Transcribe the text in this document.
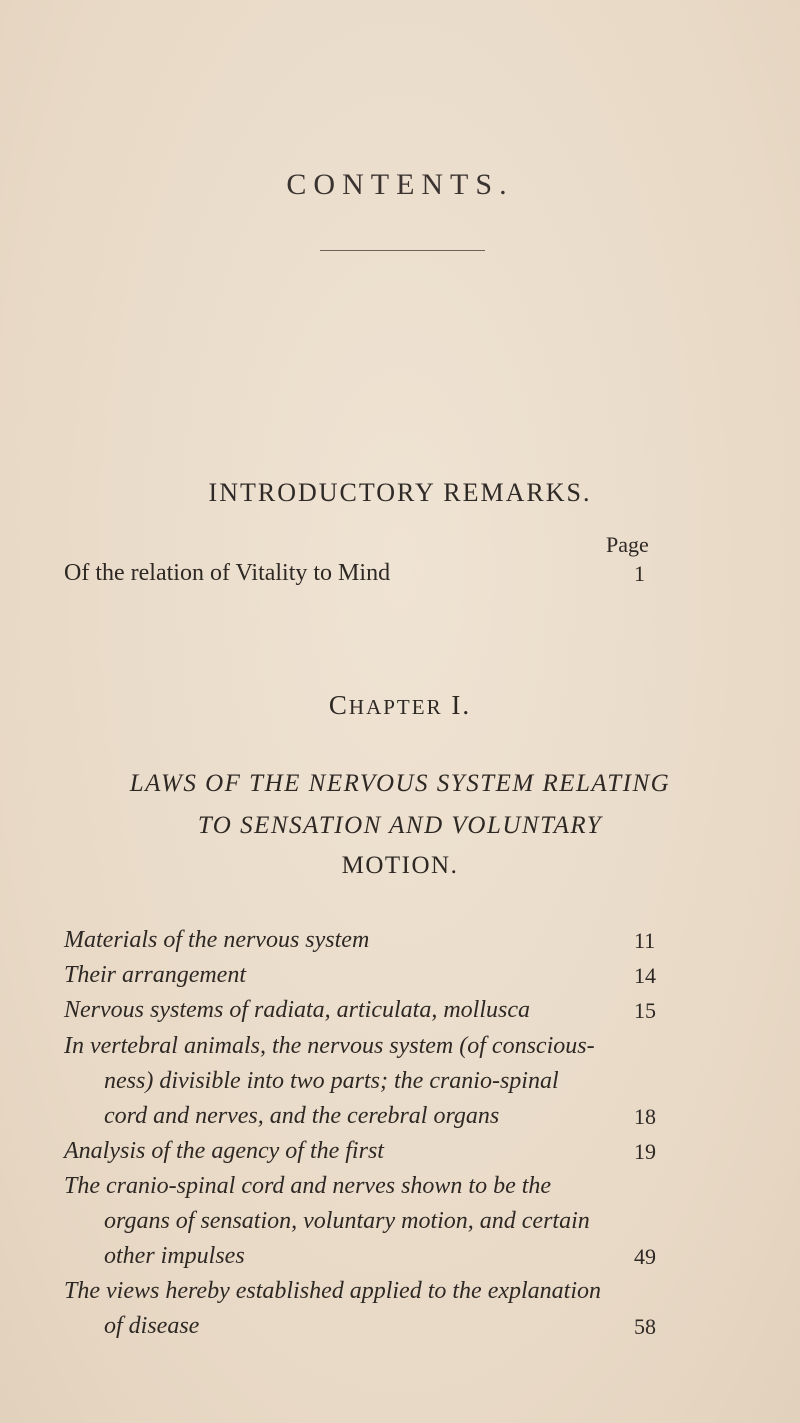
CONTENTS.
INTRODUCTORY REMARKS.
Page
Of the relation of Vitality to Mind	1
CHAPTER I.
LAWS OF THE NERVOUS SYSTEM RELATING
TO SENSATION AND VOLUNTARY
MOTION.
Materials of the nervous system	11
Their arrangement	14
Nervous systems of radiata, articulata, mollusca	15
In vertebral animals, the nervous system (of conscious-
ness) divisible into two parts; the cranio-spinal
cord and nerves, and the cerebral organs	18
Analysis of the agency of the first	19
The cranio-spinal cord and nerves shown to be the
organs of sensation, voluntary motion, and certain
other impulses	49
The views hereby established applied to the explanation
of disease	58
